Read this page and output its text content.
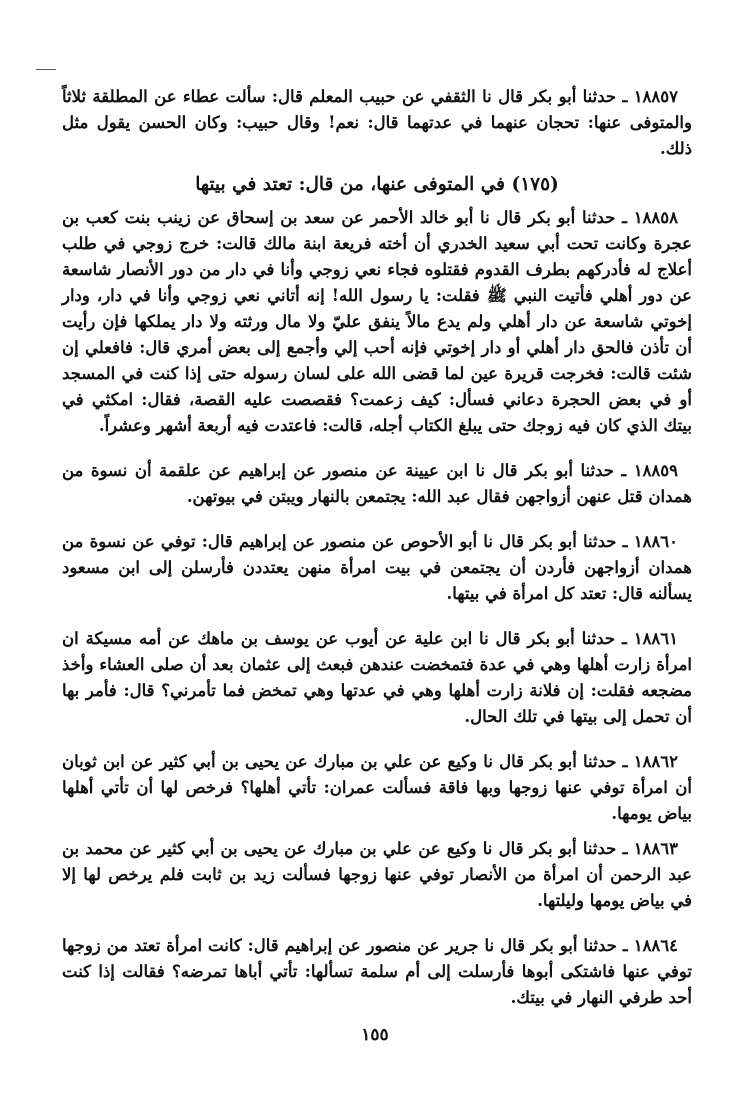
١٨٨٥٧ ـ حدثنا أبو بكر قال نا الثقفي عن حبيب المعلم قال: سألت عطاء عن المطلقة ثلاثاً والمتوفى عنها: تحجان عنهما في عدتهما قال: نعم! وقال حبيب: وكان الحسن يقول مثل ذلك.

(١٧٥) في المتوفى عنها، من قال: تعتد في بيتها

١٨٨٥٨ ـ حدثنا أبو بكر قال نا أبو خالد الأحمر عن سعد بن إسحاق عن زينب بنت كعب بن عجرة وكانت تحت أبي سعيد الخدري أن أخته فريعة ابنة مالك قالت: خرج زوجي في طلب أعلاج له فأدركهم بطرف القدوم فقتلوه فجاء نعي زوجي وأنا في دار من دور الأنصار شاسعة عن دور أهلي فأتيت النبي ﷺ فقلت: يا رسول الله! إنه أتاني نعي زوجي وأنا في دار، ودار إخوتي شاسعة عن دار أهلي ولم يدع مالاً ينفق عليّ ولا مال ورثته ولا دار يملكها فإن رأيت أن تأذن فالحق دار أهلي أو دار إخوتي فإنه أحب إلي وأجمع إلى بعض أمري قال: فافعلي إن شئت قالت: فخرجت قريرة عين لما قضى الله على لسان رسوله حتى إذا كنت في المسجد أو في بعض الحجرة دعاني فسأل: كيف زعمت؟ فقصصت عليه القصة، فقال: امكثي في بيتك الذي كان فيه زوجك حتى يبلغ الكتاب أجله، قالت: فاعتدت فيه أربعة أشهر وعشراً.

١٨٨٥٩ ـ حدثنا أبو بكر قال نا ابن عيينة عن منصور عن إبراهيم عن علقمة أن نسوة من همدان قتل عنهن أزواجهن فقال عبد الله: يجتمعن بالنهار ويبتن في بيوتهن.

١٨٨٦٠ ـ حدثنا أبو بكر قال نا أبو الأحوص عن منصور عن إبراهيم قال: توفي عن نسوة من همدان أزواجهن فأردن أن يجتمعن في بيت امرأة منهن يعتددن فأرسلن إلى ابن مسعود يسألنه قال: تعتد كل امرأة في بيتها.

١٨٨٦١ ـ حدثنا أبو بكر قال نا ابن علية عن أيوب عن يوسف بن ماهك عن أمه مسيكة ان امرأة زارت أهلها وهي في عدة فتمخضت عندهن فبعث إلى عثمان بعد أن صلى العشاء وأخذ مضجعه فقلت: إن فلانة زارت أهلها وهي في عدتها وهي تمخض فما تأمرني؟ قال: فأمر بها أن تحمل إلى بيتها في تلك الحال.

١٨٨٦٢ ـ حدثنا أبو بكر قال نا وكيع عن علي بن مبارك عن يحيى بن أبي كثير عن ابن ثوبان أن امرأة توفي عنها زوجها وبها فاقة فسألت عمران: تأتي أهلها؟ فرخص لها أن تأتي أهلها بياض يومها.

١٨٨٦٣ ـ حدثنا أبو بكر قال نا وكيع عن علي بن مبارك عن يحيى بن أبي كثير عن محمد بن عبد الرحمن أن امرأة من الأنصار توفي عنها زوجها فسألت زيد بن ثابت فلم يرخص لها إلا في بياض يومها وليلتها.

١٨٨٦٤ ـ حدثنا أبو بكر قال نا جرير عن منصور عن إبراهيم قال: كانت امرأة تعتد من زوجها توفي عنها فاشتكى أبوها فأرسلت إلى أم سلمة تسألها: تأتي أباها تمرضه؟ فقالت إذا كنت أحد طرفي النهار في بيتك.

١٥٥
